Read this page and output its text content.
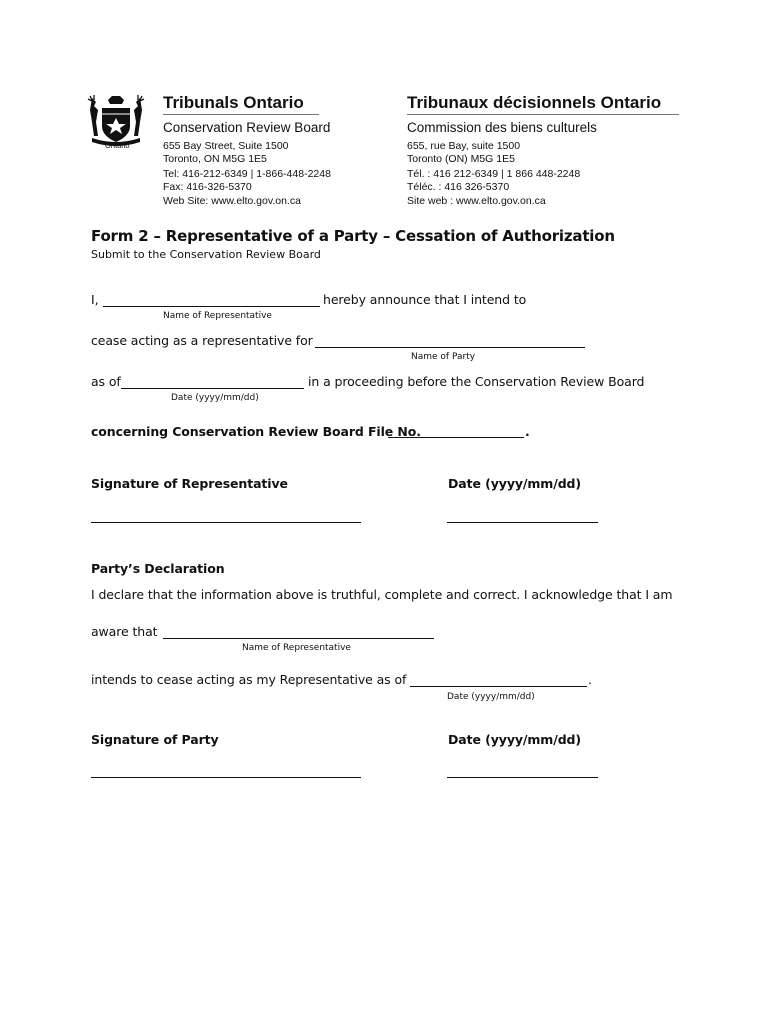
Ontario
Tribunals Ontario
Conservation Review Board
655 Bay Street, Suite 1500
Toronto, ON M5G 1E5
Tel: 416-212-6349 | 1-866-448-2248
Fax: 416-326-5370
Web Site: www.elto.gov.on.ca
Tribunaux décisionnels Ontario
Commission des biens culturels
655, rue Bay, suite 1500
Toronto (ON) M5G 1E5
Tél. : 416 212-6349 | 1 866 448-2248
Téléc. : 416 326-5370
Site web : www.elto.gov.on.ca
Form 2 – Representative of a Party – Cessation of Authorization
Submit to the Conservation Review Board
I,	hereby announce that I intend to
Name of Representative
cease acting as a representative for
Name of Party
as of	in a proceeding before the Conservation Review Board
Date (yyyy/mm/dd)
concerning Conservation Review Board File No.	.
Signature of Representative	Date (yyyy/mm/dd)
Party’s Declaration
I declare that the information above is truthful, complete and correct. I acknowledge that I am
aware that
Name of Representative
intends to cease acting as my Representative as of	.
Date (yyyy/mm/dd)
Signature of Party	Date (yyyy/mm/dd)
